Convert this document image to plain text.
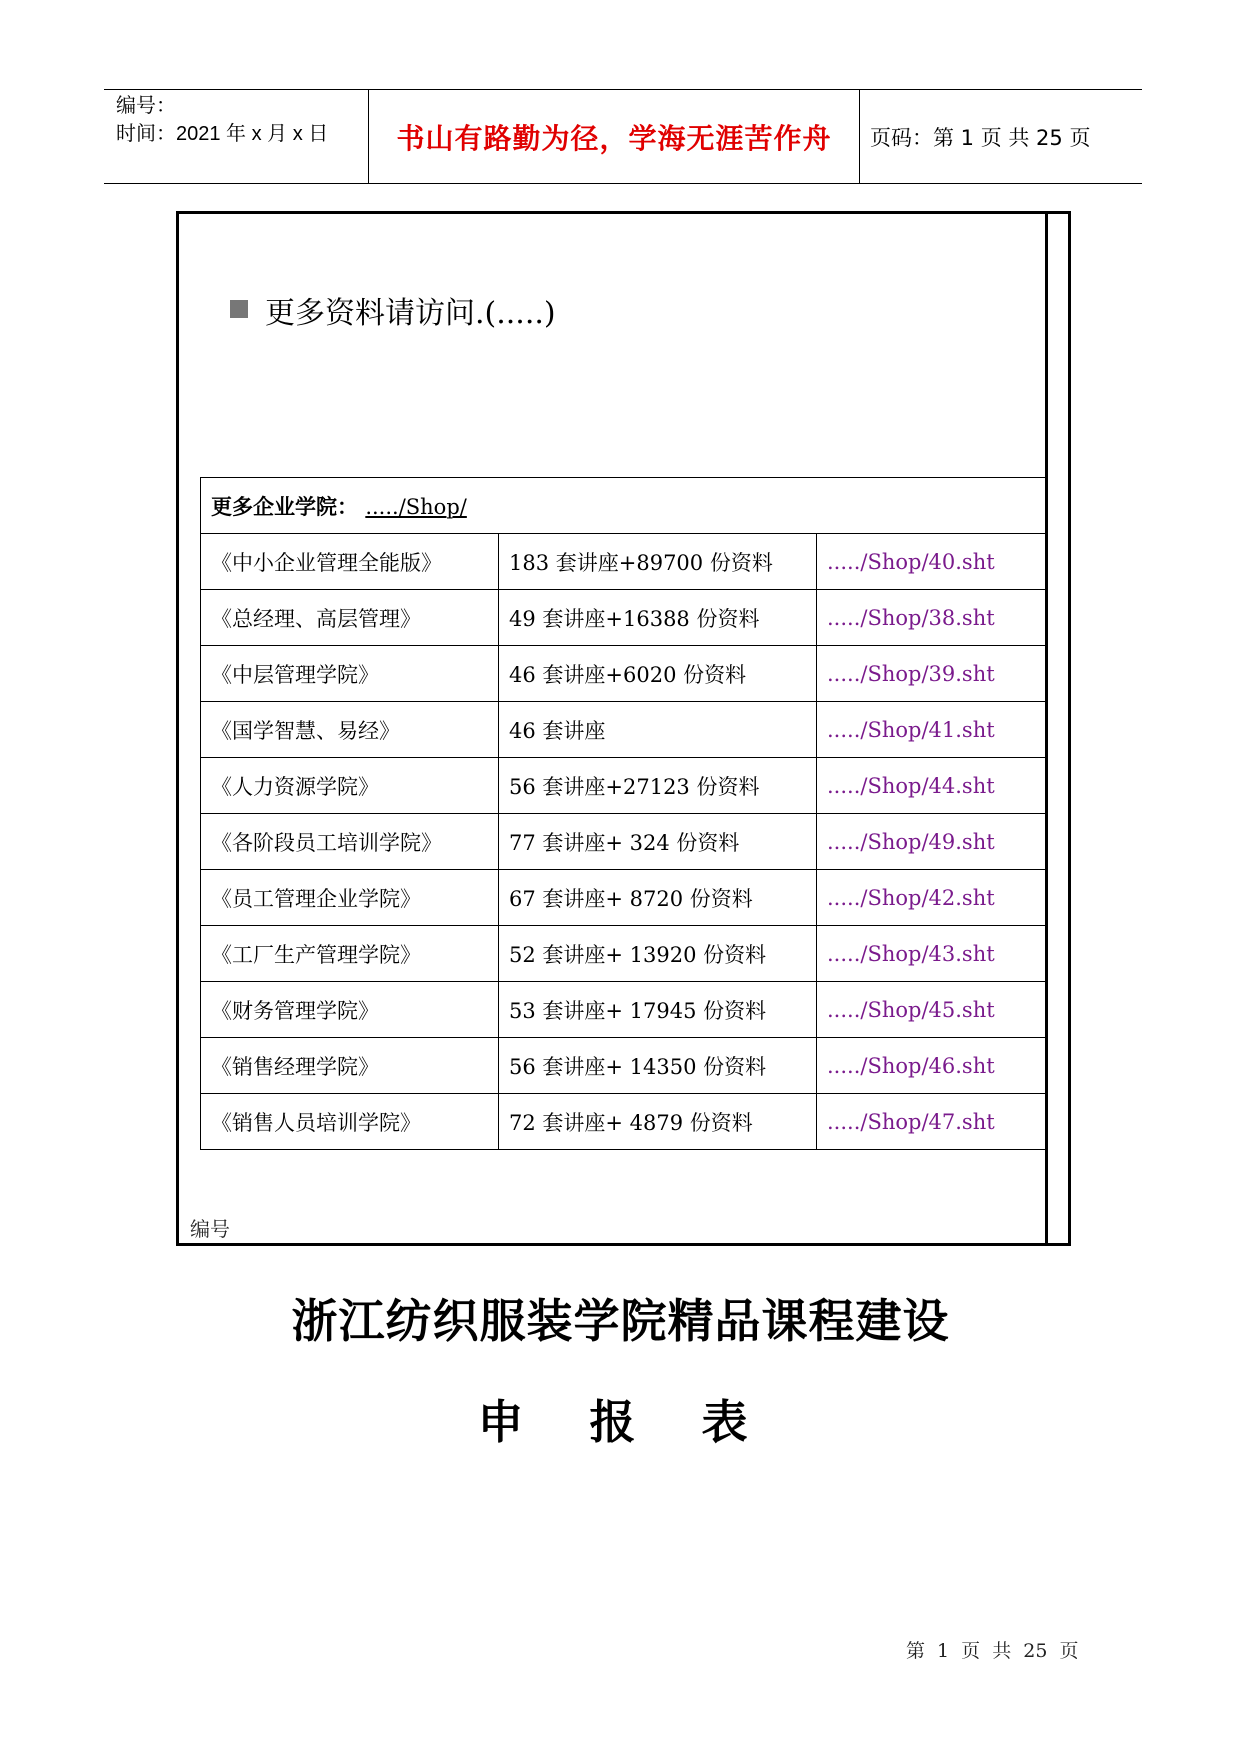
编号：
时间：2021 年 x 月 x 日	书山有路勤为径，学海无涯苦作舟	页码：第 1 页 共 25 页
更多资料请访问.(.....)
更多企业学院： ...../Shop/		
《中小企业管理全能版》	183 套讲座+89700 份资料	...../Shop/40.sht
《总经理、高层管理》	49 套讲座+16388 份资料	...../Shop/38.sht
《中层管理学院》	46 套讲座+6020 份资料	...../Shop/39.sht
《国学智慧、易经》	46 套讲座	...../Shop/41.sht
《人力资源学院》	56 套讲座+27123 份资料	...../Shop/44.sht
《各阶段员工培训学院》	77 套讲座+ 324 份资料	...../Shop/49.sht
《员工管理企业学院》	67 套讲座+ 8720 份资料	...../Shop/42.sht
《工厂生产管理学院》	52 套讲座+ 13920 份资料	...../Shop/43.sht
《财务管理学院》	53 套讲座+ 17945 份资料	...../Shop/45.sht
《销售经理学院》	56 套讲座+ 14350 份资料	...../Shop/46.sht
《销售人员培训学院》	72 套讲座+ 4879 份资料	...../Shop/47.sht
编号
浙江纺织服装学院精品课程建设
申 报 表
第 1 页 共 25 页
